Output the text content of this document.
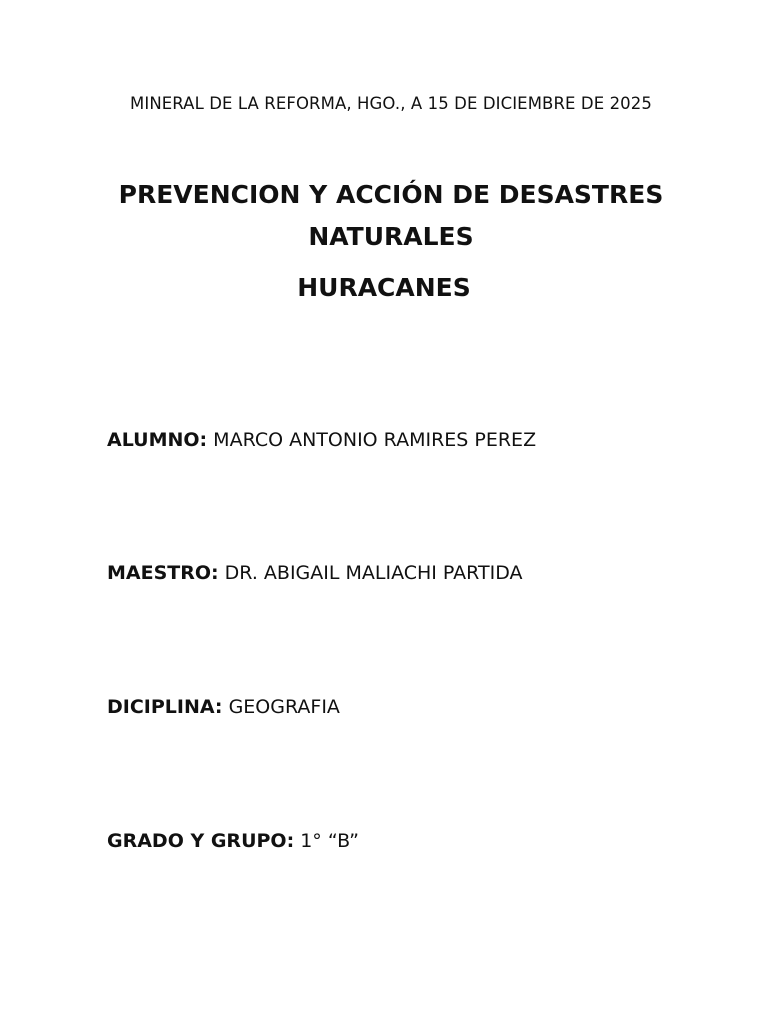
MINERAL DE LA REFORMA, HGO., A 15 DE DICIEMBRE DE 2025
PREVENCION Y ACCIÓN DE DESASTRES NATURALES
HURACANES
ALUMNO: MARCO ANTONIO RAMIRES PEREZ
MAESTRO: DR. ABIGAIL MALIACHI PARTIDA
DICIPLINA: GEOGRAFIA
GRADO Y GRUPO: 1° “B”
